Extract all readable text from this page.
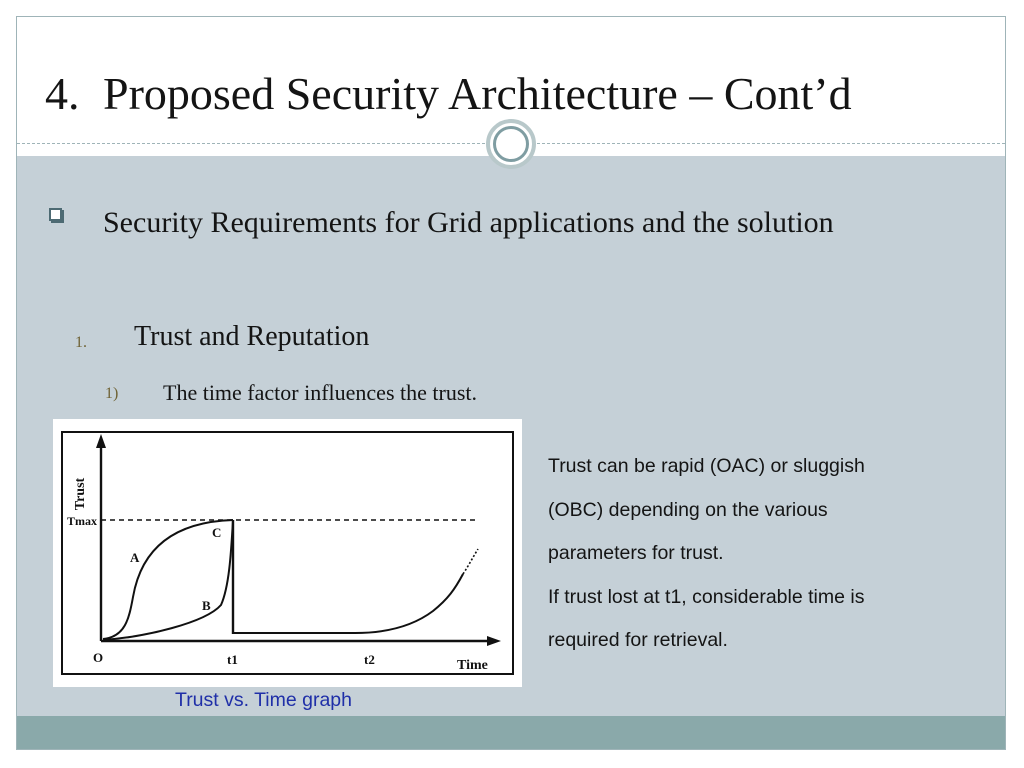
4. Proposed Security Architecture – Cont’d
Security Requirements for Grid applications and the solution
1. Trust and Reputation
1) The time factor influences the trust.
Trust
Tmax
A
C
B
O	t1	t2	Time
Trust can be rapid (OAC) or sluggish
(OBC) depending on the various
parameters for trust.
If trust lost at t1, considerable time is
required for retrieval.
Trust vs. Time graph
